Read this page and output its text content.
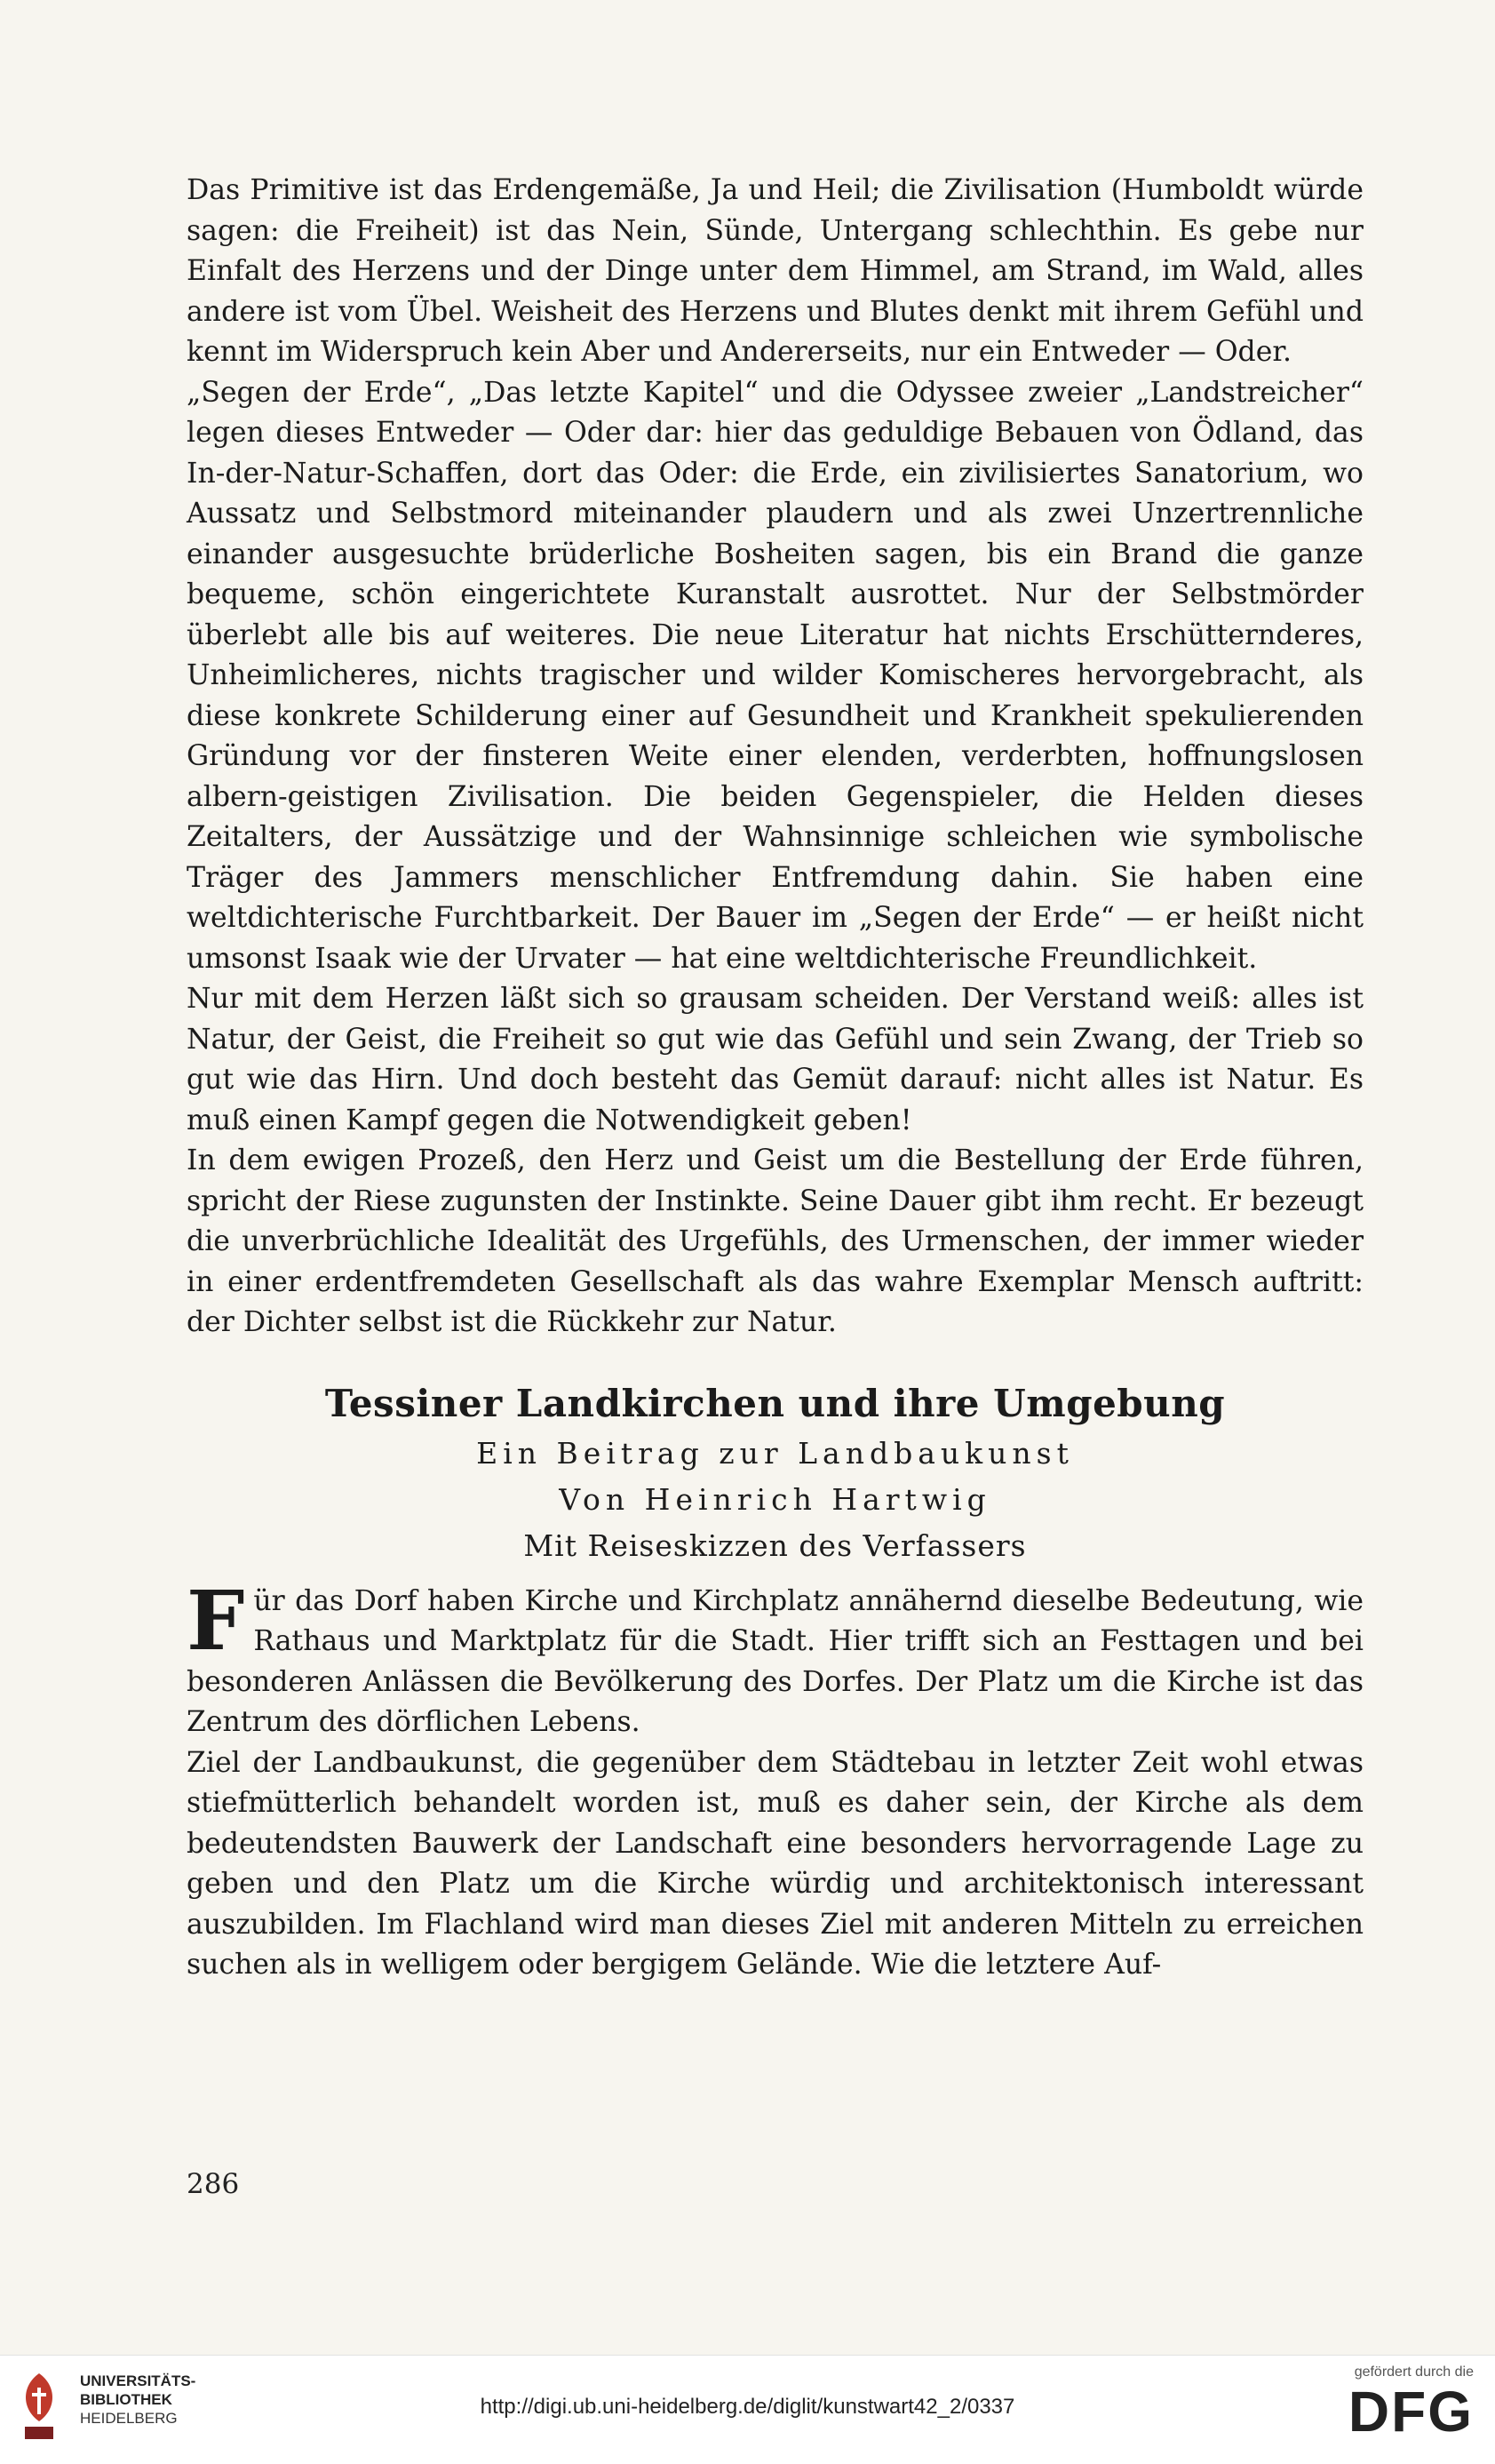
Das Primitive ist das Erdengemäße, Ja und Heil; die Zivilisation (Humboldt würde sagen: die Freiheit) ist das Nein, Sünde, Untergang schlechthin. Es gebe nur Einfalt des Herzens und der Dinge unter dem Himmel, am Strand, im Wald, alles andere ist vom Übel. Weisheit des Herzens und Blutes denkt mit ihrem Gefühl und kennt im Widerspruch kein Aber und Andererseits, nur ein Entweder — Oder.

„Segen der Erde“, „Das letzte Kapitel“ und die Odyssee zweier „Landstreicher“ legen dieses Entweder — Oder dar: hier das geduldige Bebauen von Ödland, das In-der-Natur-Schaffen, dort das Oder: die Erde, ein zivilisiertes Sanatorium, wo Aussatz und Selbstmord miteinander plaudern und als zwei Unzertrennliche einander ausgesuchte brüderliche Bosheiten sagen, bis ein Brand die ganze bequeme, schön eingerichtete Kuranstalt ausrottet. Nur der Selbstmörder überlebt alle bis auf weiteres. Die neue Literatur hat nichts Erschütternderes, Unheimlicheres, nichts tragischer und wilder Komischeres hervorgebracht, als diese konkrete Schilderung einer auf Gesundheit und Krankheit spekulierenden Gründung vor der finsteren Weite einer elenden, verderbten, hoffnungslosen albern-geistigen Zivilisation. Die beiden Gegenspieler, die Helden dieses Zeitalters, der Aussätzige und der Wahnsinnige schleichen wie symbolische Träger des Jammers menschlicher Entfremdung dahin. Sie haben eine weltdichterische Furchtbarkeit. Der Bauer im „Segen der Erde“ — er heißt nicht umsonst Isaak wie der Urvater — hat eine weltdichterische Freundlichkeit.

Nur mit dem Herzen läßt sich so grausam scheiden. Der Verstand weiß: alles ist Natur, der Geist, die Freiheit so gut wie das Gefühl und sein Zwang, der Trieb so gut wie das Hirn. Und doch besteht das Gemüt darauf: nicht alles ist Natur. Es muß einen Kampf gegen die Notwendigkeit geben!

In dem ewigen Prozeß, den Herz und Geist um die Bestellung der Erde führen, spricht der Riese zugunsten der Instinkte. Seine Dauer gibt ihm recht. Er bezeugt die unverbrüchliche Idealität des Urgefühls, des Urmenschen, der immer wieder in einer erdentfremdeten Gesellschaft als das wahre Exemplar Mensch auftritt: der Dichter selbst ist die Rückkehr zur Natur.

Tessiner Landkirchen und ihre Umgebung
Ein Beitrag zur Landbaukunst
Von Heinrich Hartwig
Mit Reiseskizzen des Verfassers

Für das Dorf haben Kirche und Kirchplatz annähernd dieselbe Bedeutung, wie Rathaus und Marktplatz für die Stadt. Hier trifft sich an Festtagen und bei besonderen Anlässen die Bevölkerung des Dorfes. Der Platz um die Kirche ist das Zentrum des dörflichen Lebens.

Ziel der Landbaukunst, die gegenüber dem Städtebau in letzter Zeit wohl etwas stiefmütterlich behandelt worden ist, muß es daher sein, der Kirche als dem bedeutendsten Bauwerk der Landschaft eine besonders hervorragende Lage zu geben und den Platz um die Kirche würdig und architektonisch interessant auszubilden. Im Flachland wird man dieses Ziel mit anderen Mitteln zu erreichen suchen als in welligem oder bergigem Gelände. Wie die letztere Auf-

286
UNIVERSITÄTS-
BIBLIOTHEK
HEIDELBERG	http://digi.ub.uni-heidelberg.de/diglit/kunstwart42_2/0337
gefördert durch die
DFG
